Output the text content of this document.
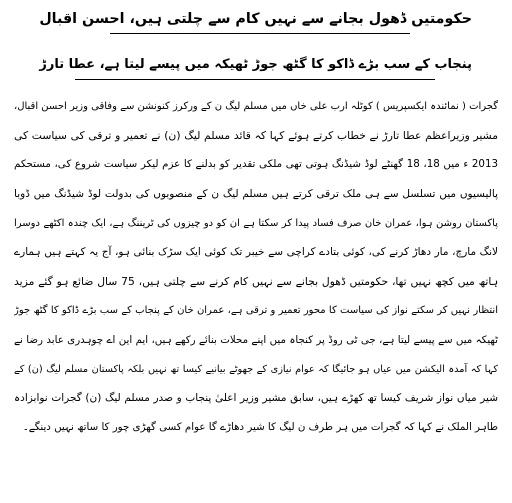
حکومتیں ڈھول بجانے سے نہیں کام سے چلتی ہیں، احسن اقبال
پنجاب کے سب بڑے ڈاکو کا گٹھ جوڑ ٹھیکہ میں پیسے لیتا ہے، عطا تارڑ
گجرات ( نمائندہ ایکسپریس ) کوٹلہ ارب علی خاں میں مسلم لیگ ن کے ورکرز کنونشن سے وفاقی وزیر احسن اقبال،
مشیر وزیراعظم عطا تارڑ نے خطاب کرتے ہوئے کہا کہ قائد مسلم لیگ (ن) نے تعمیر و ترقی کی سیاست کی
2013 ء میں 18، 18 گھنٹے لوڈ شیڈنگ ہوتی تھی ملکی تقدیر کو بدلنے کا عزم لیکر سیاست شروع کی، مستحکم
پالیسیوں میں تسلسل سے ہی ملک ترقی کرتے ہیں مسلم لیگ ن کے منصوبوں کی بدولت لوڈ شیڈنگ میں ڈوبا
پاکستان روشن ہوا، عمران خان صرف فساد پیدا کر سکتا ہے ان کو دو چیزوں کی ٹریننگ ہے، ایک چندہ اکٹھے دوسرا
لانگ مارچ، مار دھاڑ کرنے کی، کوئی بتادے کراچی سے خیبر تک کوئی ایک سڑک بنائی ہو، آج یہ کہتے ہیں ہمارے
ہاتھ میں کچھ نہیں تھا، حکومتیں ڈھول بجانے سے نہیں کام کرنے سے چلتی ہیں، 75 سال ضائع ہو گئے مزید
انتظار نہیں کر سکتے نواز کی سیاست کا محور تعمیر و ترقی ہے، عمران خان کے پنجاب کے سب بڑے ڈاکو کا گٹھ جوڑ
ٹھیکہ میں سے پیسے لیتا ہے، جی ٹی روڈ پر کنجاہ میں اپنے محلات بنائے رکھے ہیں، ایم این اے چوہدری عابد رضا نے
کہا کہ آمدہ الیکشن میں عیاں ہو جائیگا کہ عوام نیازی کے جھوٹے بیانیے کیسا تھ نہیں بلکہ پاکستان مسلم لیگ (ن) کے
شیر میاں نواز شریف کیسا تھ کھڑے ہیں، سابق مشیر وزیر اعلیٰ پنجاب و صدر مسلم لیگ (ن) گجرات نوابزادہ
طاہر الملک نے کہا کہ گجرات میں ہر طرف ن لیگ کا شیر دھاڑے گا عوام کسی گھڑی چور کا ساتھ نہیں دینگے۔
